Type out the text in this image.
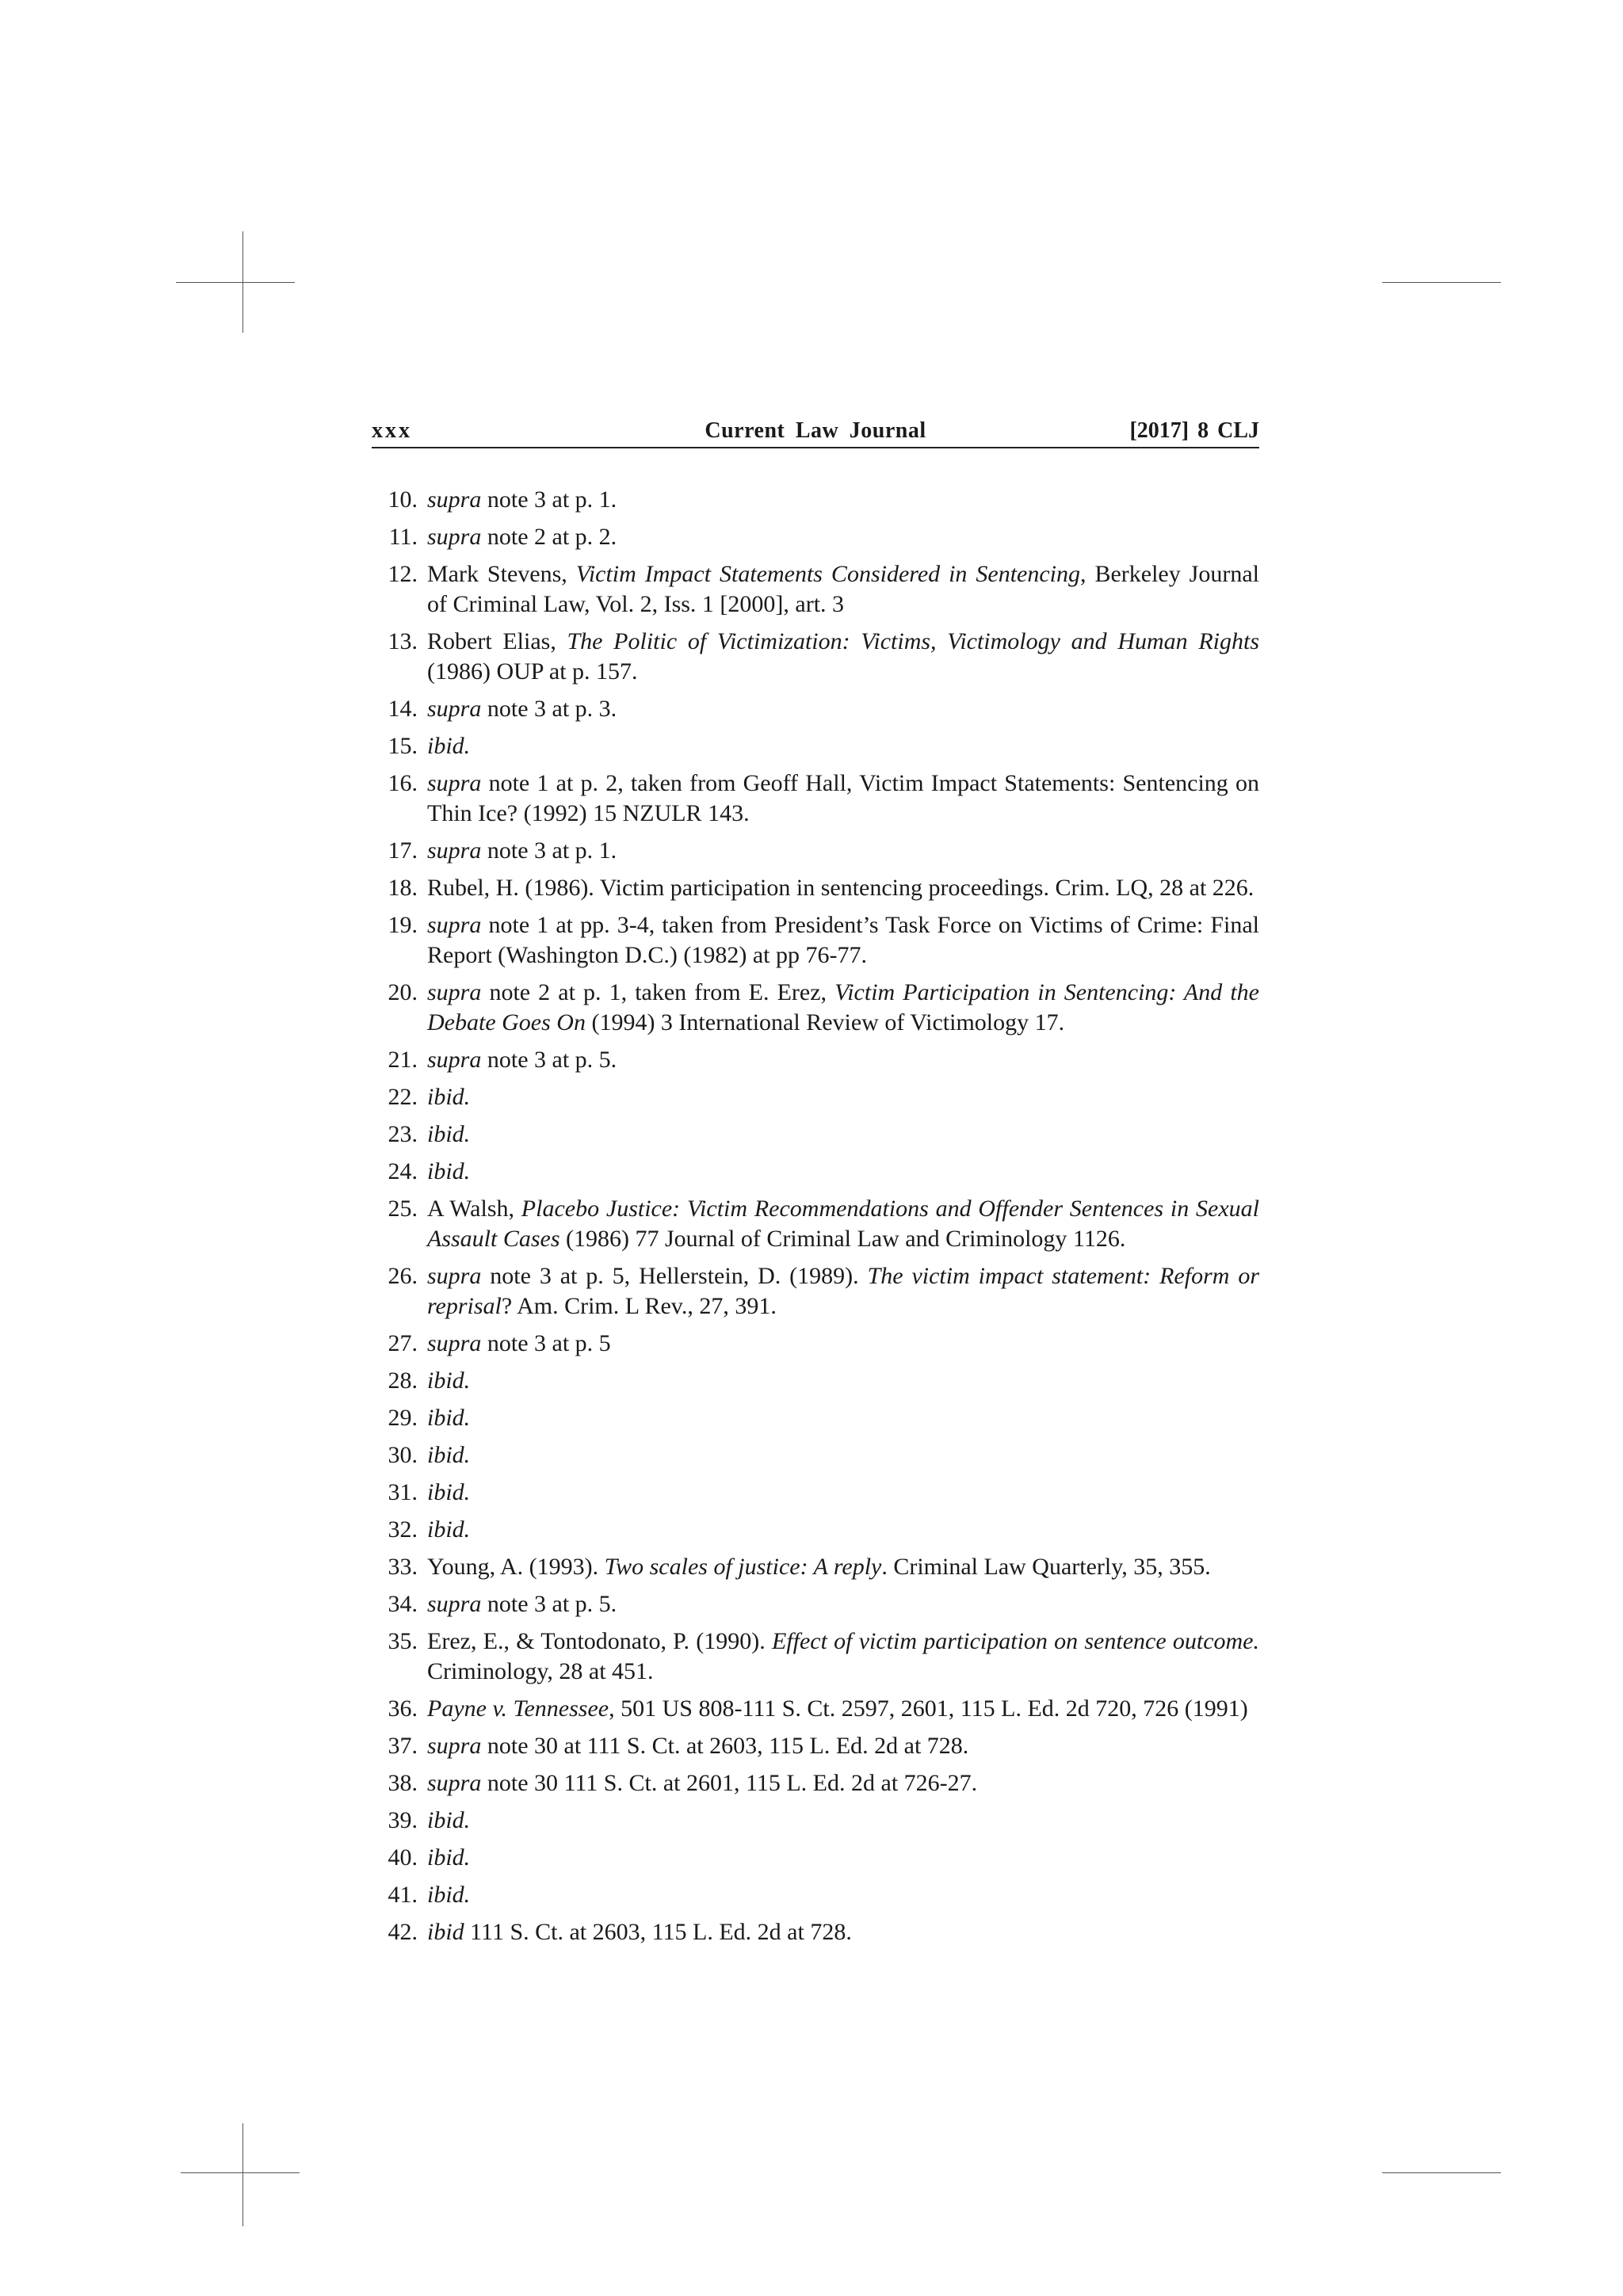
xxx	Current Law Journal	[2017] 8 CLJ
10. supra note 3 at p. 1.
11. supra note 2 at p. 2.
12. Mark Stevens, Victim Impact Statements Considered in Sentencing, Berkeley Journal of Criminal Law, Vol. 2, Iss. 1 [2000], art. 3
13. Robert Elias, The Politic of Victimization: Victims, Victimology and Human Rights (1986) OUP at p. 157.
14. supra note 3 at p. 3.
15. ibid.
16. supra note 1 at p. 2, taken from Geoff Hall, Victim Impact Statements: Sentencing on Thin Ice? (1992) 15 NZULR 143.
17. supra note 3 at p. 1.
18. Rubel, H. (1986). Victim participation in sentencing proceedings. Crim. LQ, 28 at 226.
19. supra note 1 at pp. 3-4, taken from President’s Task Force on Victims of Crime: Final Report (Washington D.C.) (1982) at pp 76-77.
20. supra note 2 at p. 1, taken from E. Erez, Victim Participation in Sentencing: And the Debate Goes On (1994) 3 International Review of Victimology 17.
21. supra note 3 at p. 5.
22. ibid.
23. ibid.
24. ibid.
25. A Walsh, Placebo Justice: Victim Recommendations and Offender Sentences in Sexual Assault Cases (1986) 77 Journal of Criminal Law and Criminology 1126.
26. supra note 3 at p. 5, Hellerstein, D. (1989). The victim impact statement: Reform or reprisal? Am. Crim. L Rev., 27, 391.
27. supra note 3 at p. 5
28. ibid.
29. ibid.
30. ibid.
31. ibid.
32. ibid.
33. Young, A. (1993). Two scales of justice: A reply. Criminal Law Quarterly, 35, 355.
34. supra note 3 at p. 5.
35. Erez, E., & Tontodonato, P. (1990). Effect of victim participation on sentence outcome. Criminology, 28 at 451.
36. Payne v. Tennessee, 501 US 808-111 S. Ct. 2597, 2601, 115 L. Ed. 2d 720, 726 (1991)
37. supra note 30 at 111 S. Ct. at 2603, 115 L. Ed. 2d at 728.
38. supra note 30 111 S. Ct. at 2601, 115 L. Ed. 2d at 726-27.
39. ibid.
40. ibid.
41. ibid.
42. ibid 111 S. Ct. at 2603, 115 L. Ed. 2d at 728.
